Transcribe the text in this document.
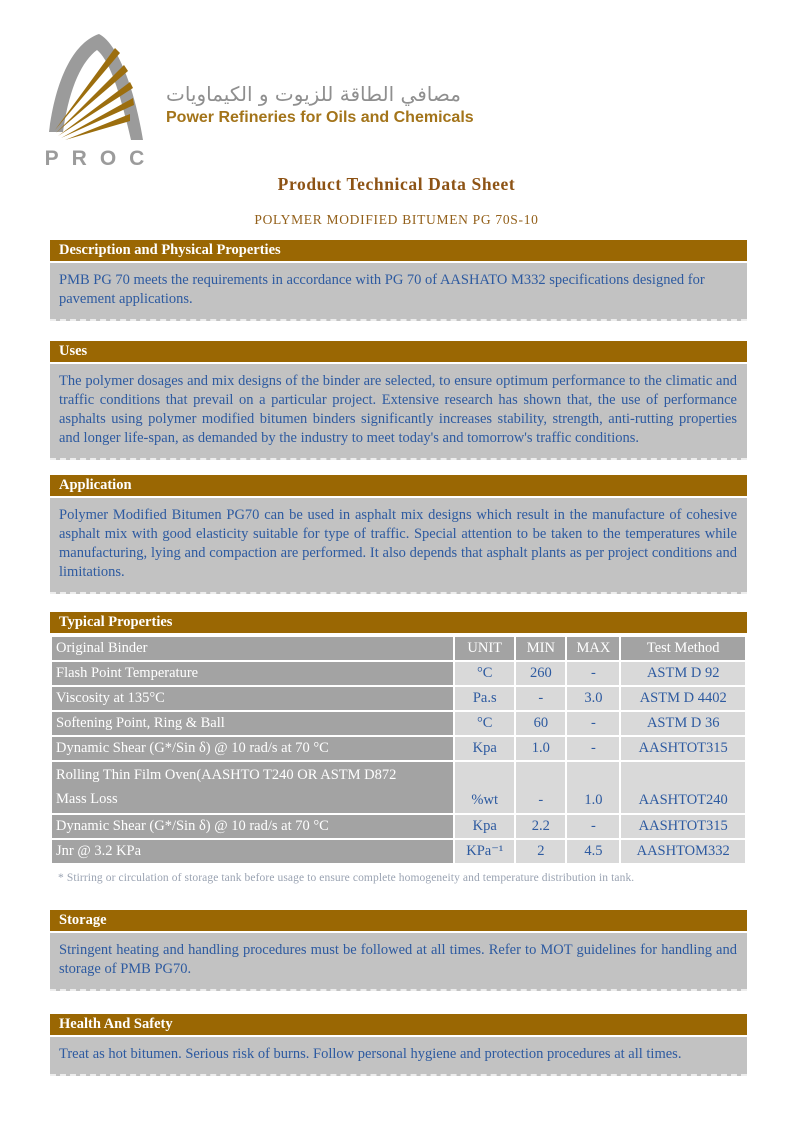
PROC
مصافي الطاقة للزيوت و الكيماويات
Power Refineries for Oils and Chemicals
Product Technical Data Sheet
POLYMER MODIFIED BITUMEN PG 70S-10
Description and Physical Properties
PMB PG 70 meets the requirements in accordance with PG 70 of AASHATO M332 specifications designed for pavement applications.
Uses
The polymer dosages and mix designs of the binder are selected, to ensure optimum performance to the climatic and traffic conditions that prevail on a particular project. Extensive research has shown that, the use of performance asphalts using polymer modified bitumen binders significantly increases stability, strength, anti-rutting properties and longer life-span, as demanded by the industry to meet today's and tomorrow's traffic conditions.
Application
Polymer Modified Bitumen PG70 can be used in asphalt mix designs which result in the manufacture of cohesive asphalt mix with good elasticity suitable for type of traffic. Special attention to be taken to the temperatures while manufacturing, lying and compaction are performed. It also depends that asphalt plants as per project conditions and limitations.
Typical Properties
Original Binder	UNIT	MIN	MAX	Test Method
Flash Point Temperature	°C	260	-	ASTM D 92
Viscosity at 135°C	Pa.s	-	3.0	ASTM D 4402
Softening Point, Ring & Ball	°C	60	-	ASTM D 36
Dynamic Shear (G*/Sin δ) @ 10 rad/s at 70 °C	Kpa	1.0	-	AASHTOT315

Rolling Thin Film Oven(AASHTO T240 OR ASTM D872
Mass Loss	%wt	-	1.0	AASHTOT240
Dynamic Shear (G*/Sin δ) @ 10 rad/s at 70 °C	Kpa	2.2	-	AASHTOT315
Jnr @ 3.2 KPa	KPa⁻¹	2	4.5	AASHTOM332
* Stirring or circulation of storage tank before usage to ensure complete homogeneity and temperature distribution in tank.
Storage
Stringent heating and handling procedures must be followed at all times. Refer to MOT guidelines for handling and storage of PMB PG70.
Health And Safety
Treat as hot bitumen. Serious risk of burns. Follow personal hygiene and protection procedures at all times.
